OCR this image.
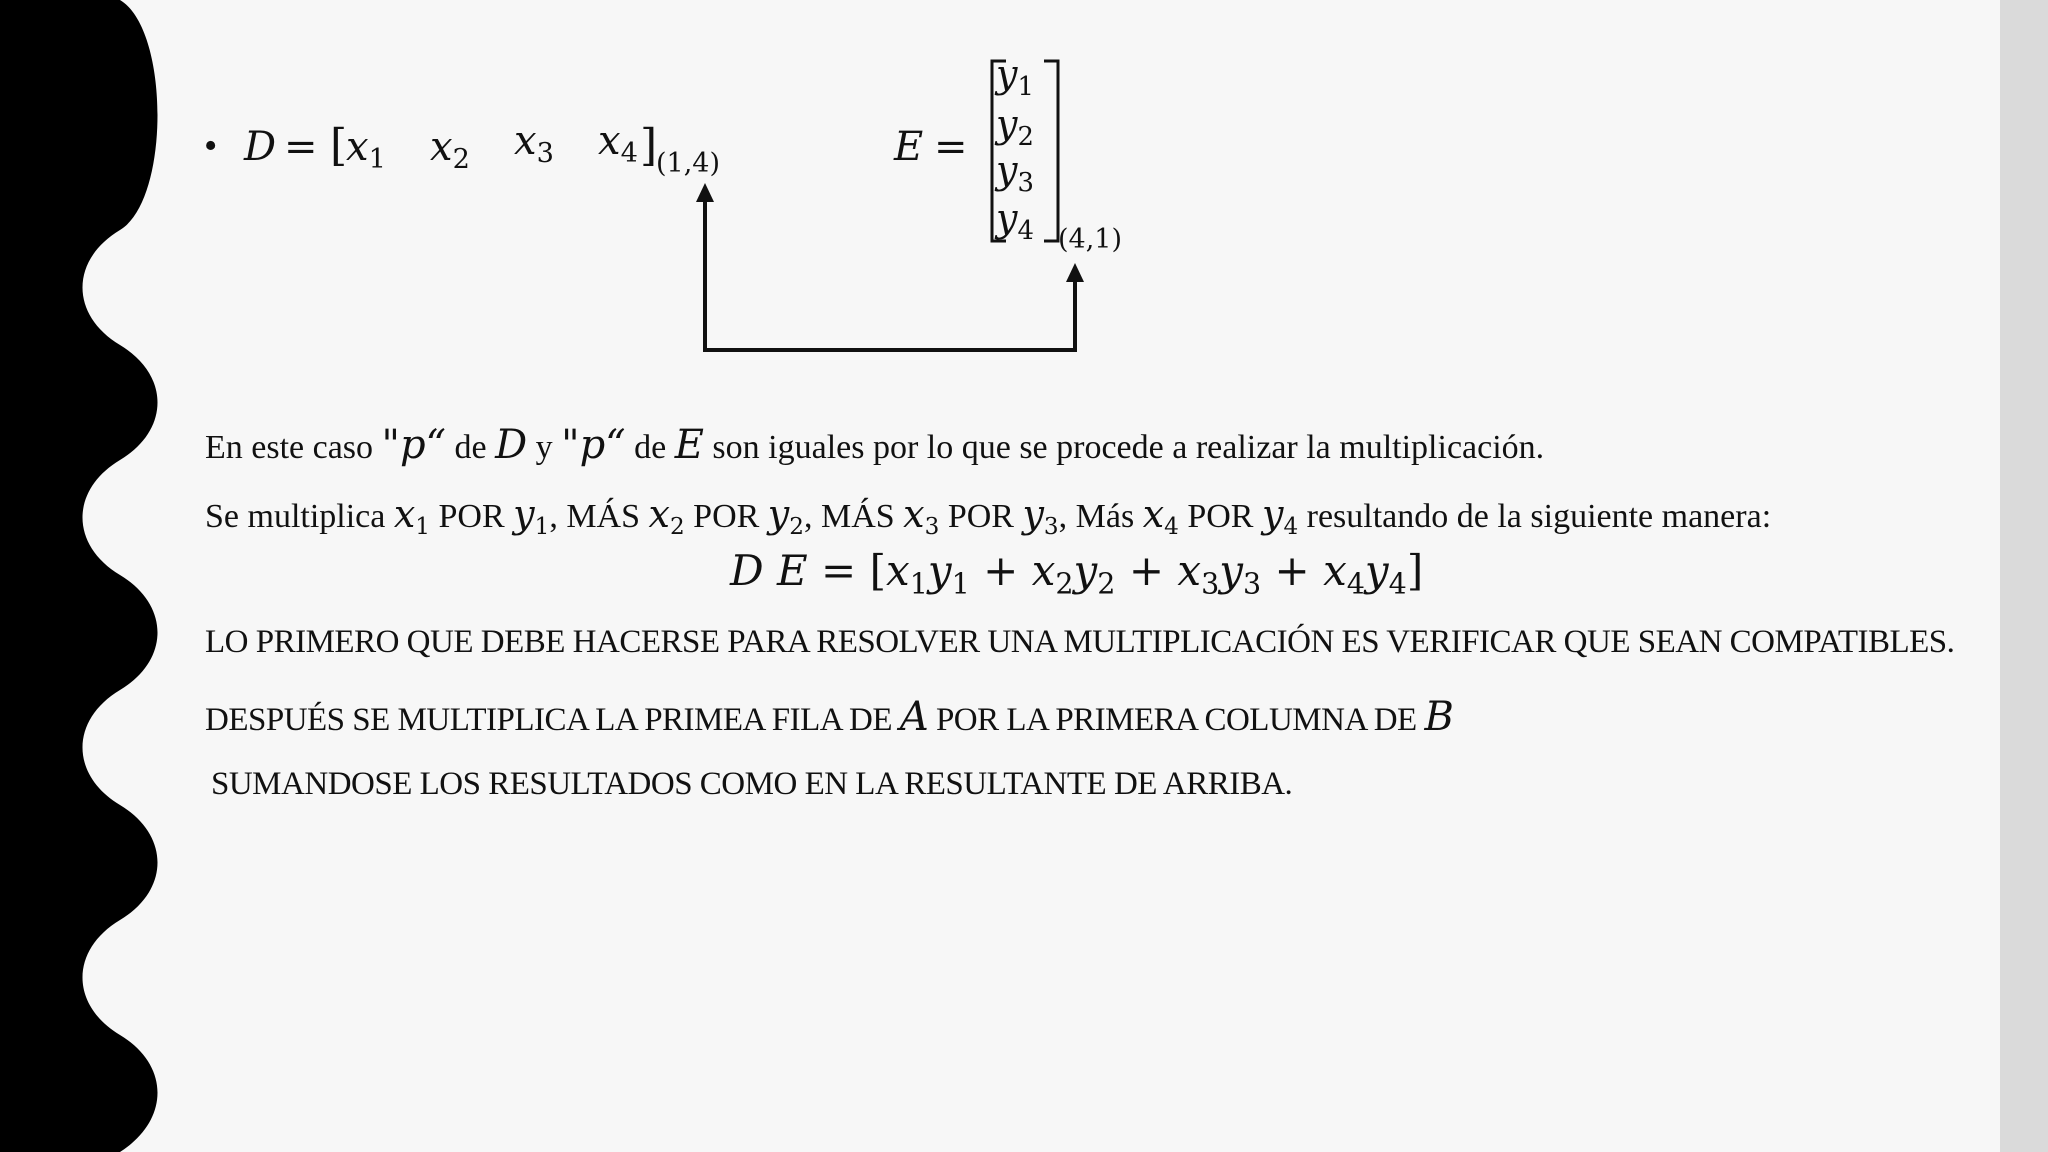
• D = [
$x_1$ $x_2$ $x_3$ $x_4$ ]
(1,4)	E =
$y_1$
$y_2$
$y_3$
$y_4$ (4,1)
En este caso "p“ de D y "p“ de E son iguales por lo que se procede a realizar la multiplicación.
Se multiplica $x_1$ POR $y_1$, MÁS $x_2$ POR $y_2$, MÁS $x_3$ POR $y_3$, Más $x_4$ POR $y_4$ resultando de la siguiente manera:
D $E = [x_1y_1 + x_2y_2 + x_3y_3 + x_4y_4]$
LO PRIMERO QUE DEBE HACERSE PARA RESOLVER UNA MULTIPLICACIÓN ES VERIFICAR QUE SEAN COMPATIBLES.
DESPUÉS SE MULTIPLICA LA PRIMEA FILA DE A POR LA PRIMERA COLUMNA DE B
SUMANDOSE LOS RESULTADOS COMO EN LA RESULTANTE DE ARRIBA.
